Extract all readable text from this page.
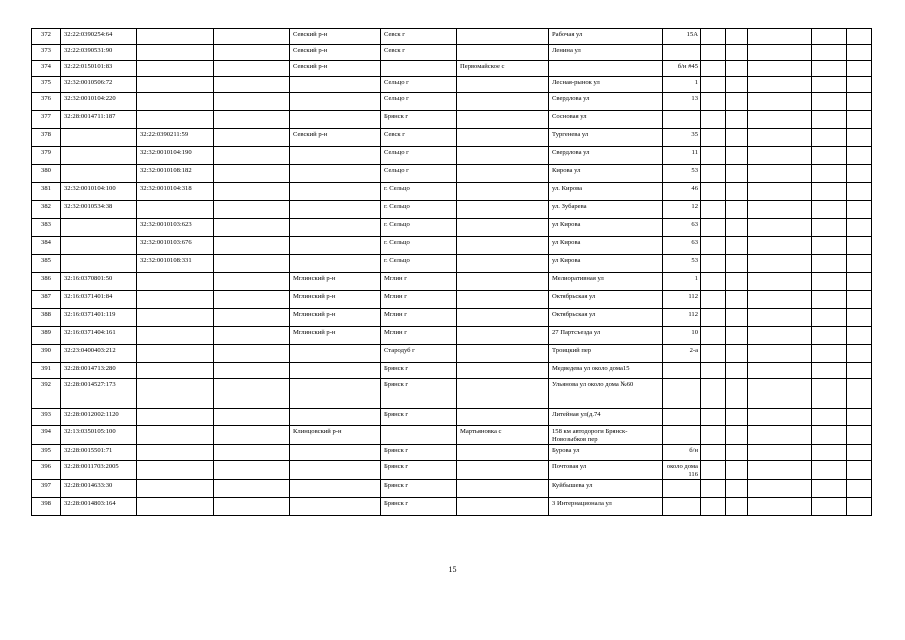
372	32:22:0390254:64			Севский р-н	Севск г		Рабочая ул	15А					
373	32:22:0390531:90			Севский р-н	Севск г		Ленина ул						
374	32:22:0150101:83			Севский р-н		Первомайское с		б/н #45					
375	32:32:0010506:72				Сельцо г		Лесная-рынок ул	1					
376	32:32:0010104:220				Сельцо г		Свердлова ул	13					
377	32:28:0014711:187				Брянск г		Сосновая ул						
378		32:22:0390211:59		Севский р-н	Севск г		Тургенева ул	35					
379		32:32:0010104:190			Сельцо г		Свердлова ул	11					
380		32:32:0010108:182			Сельцо г		Кирова ул	53					
381	32:32:0010104:100	32:32:0010104:318			г. Сельцо		ул. Кирова	46					
382	32:32:0010534:38				г. Сельцо		ул. Зубарева	12					
383		32:32:0010103:623			г. Сельцо		ул Кирова	63					
384		32:32:0010103:676			г. Сельцо		ул Кирова	63					
385		32:32:0010108:331			г. Сельцо		ул Кирова	53					
386	32:16:0370801:50			Мглинский р-н	Мглин г		Мелиоративная ул	1					
387	32:16:0371401:84			Мглинский р-н	Мглин г		Октябрьская ул	112					
388	32:16:0371401:119			Мглинский р-н	Мглин г		Октябрьская ул	112					
389	32:16:0371404:161			Мглинский р-н	Мглин г		27 Партсъезда ул	10					
390	32:23:0400403:212				Стародуб г		Троицкий пер	2-а					
391	32:28:0014713:280				Брянск г		Медведева ул около дома15						
392	32:28:0014527:173				Брянск г		Ульянова ул около дома №60						
393	32:28:0012002:1120				Брянск г		Литейная ул(д.74						
394	32:13:0350105:100			Клинцовский р-н		Мартьяновка с	158 км автодороги Брянск-Новозыбков пер						
395	32:28:0015501:71				Брянск г		Бурова ул	б/н					
396	32:28:0011703:2005				Брянск г		Почтовая ул	около дома 116					
397	32:28:0014633:30				Брянск г		Куйбышева ул						
398	32:28:0014803:164				Брянск г		3 Интернационала ул						
15
